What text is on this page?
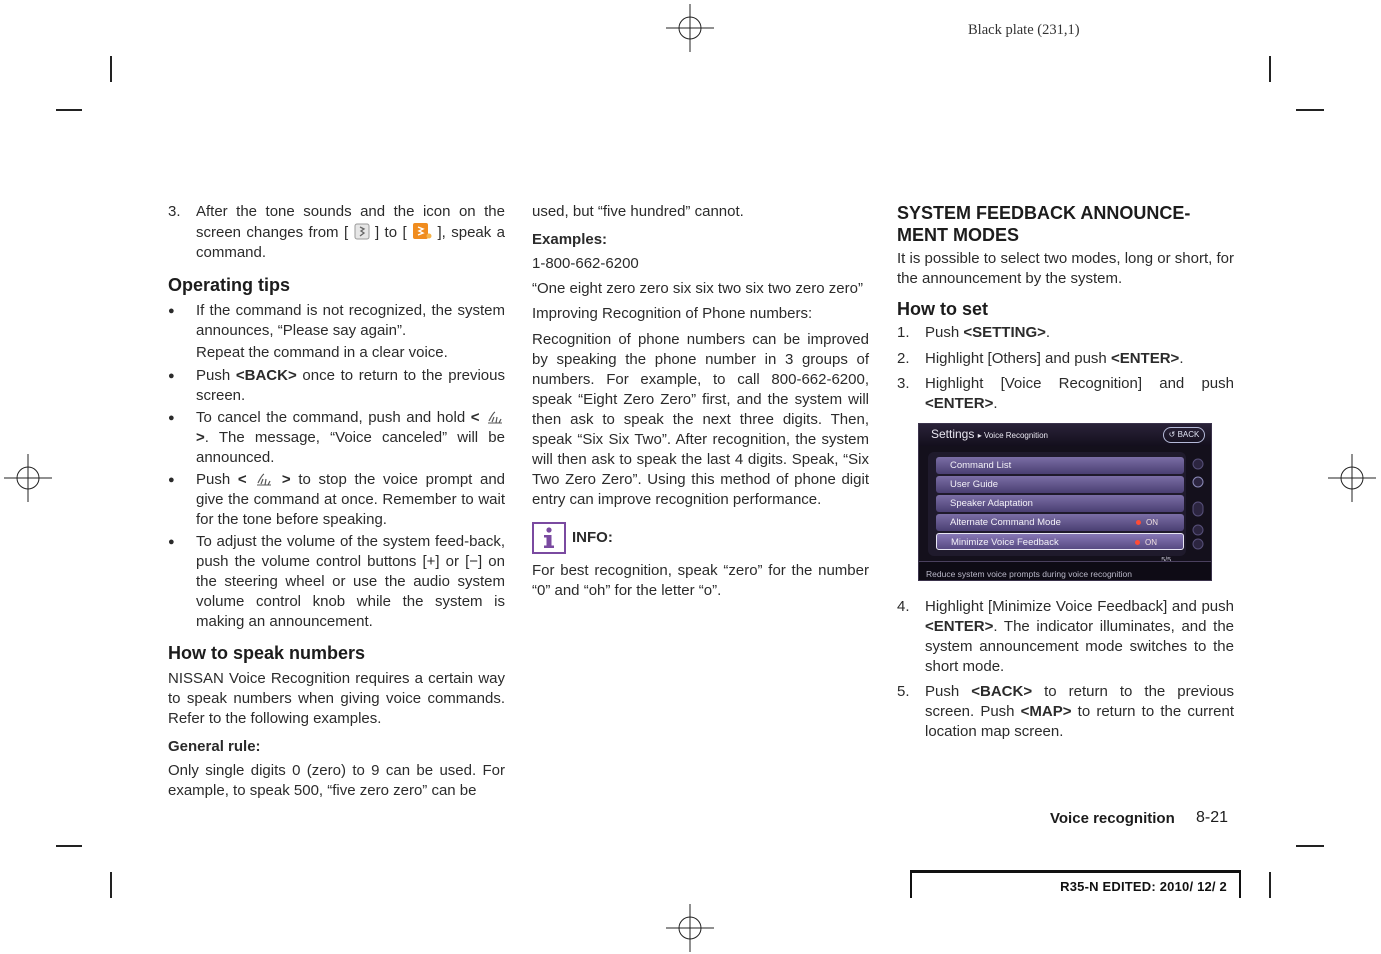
Black plate (231,1)
3. After the tone sounds and the icon on the screen changes from [ ] to [ ], speak a command.
Operating tips
● If the command is not recognized, the system announces, “Please say again”.

Repeat the command in a clear voice.

● Push <BACK> once to return to the previous screen.
● To cancel the command, push and hold <  >. The message, “Voice canceled” will be announced.
● Push < > to stop the voice prompt and give the command at once. Remember to wait for the tone before speaking.
● To adjust the volume of the system feed-back, push the volume control buttons [+] or [−] on the steering wheel or use the audio system volume control knob while the system is making an announcement.

How to speak numbers

NISSAN Voice Recognition requires a certain way to speak numbers when giving voice commands. Refer to the following examples.

General rule:

Only single digits 0 (zero) to 9 can be used. For example, to speak 500, “five zero zero” can be

used, but “five hundred” cannot.

Examples:

1-800-662-6200

“One eight zero zero six six two six two zero zero”

Improving Recognition of Phone numbers:

Recognition of phone numbers can be improved by speaking the phone number in 3 groups of numbers. For example, to call 800-662-6200, speak “Eight Zero Zero” first, and the system will then ask to speak the next three digits. Then, speak “Six Six Two”. After recognition, the system will then ask to speak the last 4 digits. Speak, “Six Two Zero Zero”. Using this method of phone digit entry can improve recognition performance.

INFO:

For best recognition, speak “zero” for the number “0” and “oh” for the letter “o”.

SYSTEM FEEDBACK ANNOUNCE-MENT MODES

It is possible to select two modes, long or short, for the announcement by the system.

How to set
1. Push <SETTING>.
2. Highlight [Others] and push <ENTER>.
3. Highlight [Voice Recognition] and push <ENTER>.
Settings ▸ Voice Recognition	↺ BACK
Command List
User Guide
Speaker Adaptation
Alternate Command Mode	ON
Minimize Voice Feedback	ON
Reduce system voice prompts during voice recognition
4. Highlight [Minimize Voice Feedback] and push <ENTER>. The indicator illuminates, and the system announcement mode switches to the short mode.
5. Push <BACK> to return to the previous screen. Push <MAP> to return to the current location map screen.
Voice recognition 8-21
R35-N EDITED: 2010/ 12/ 2
